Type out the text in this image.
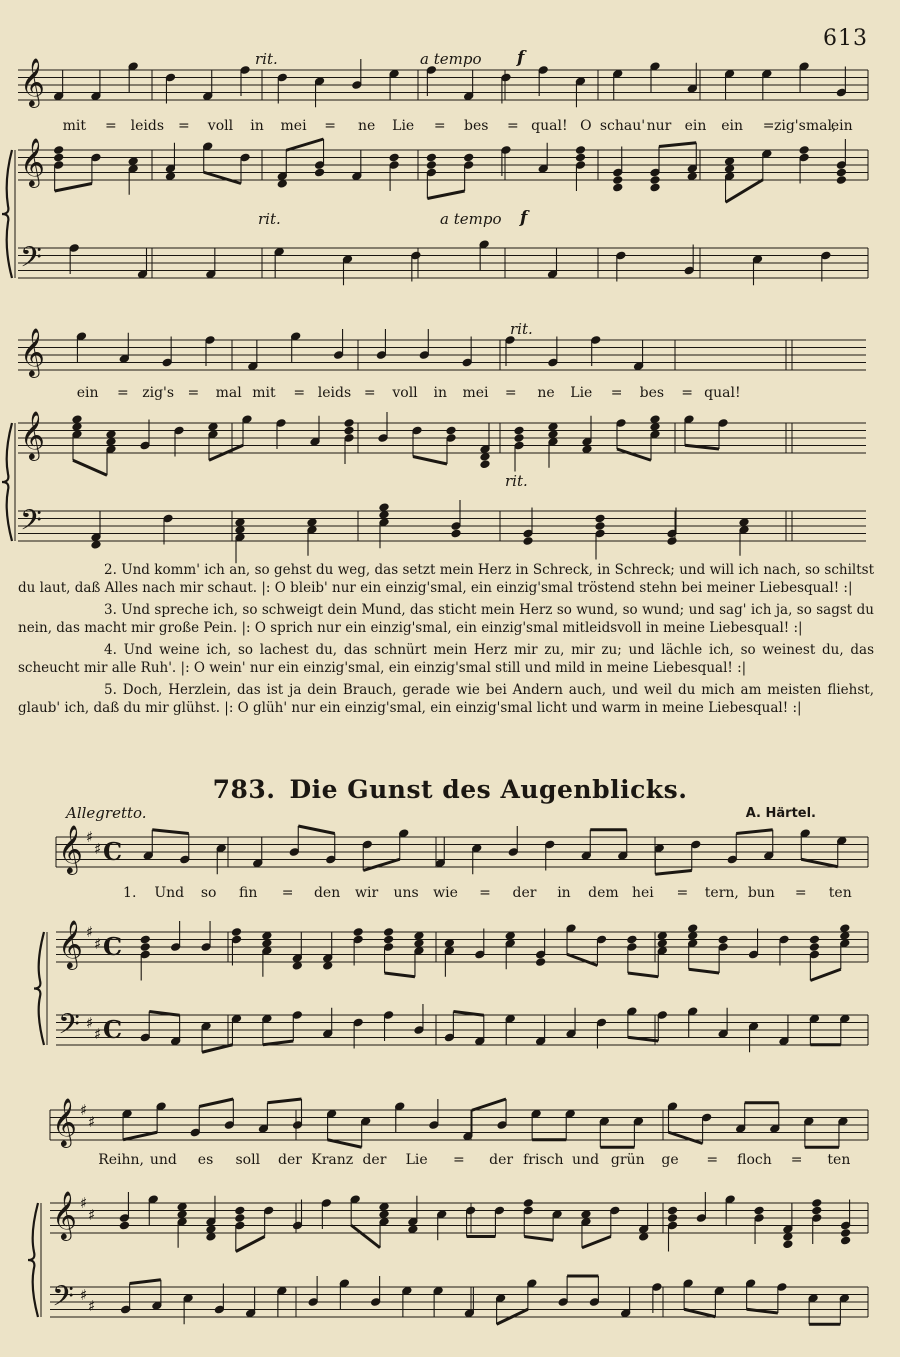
613
𝄞
𝄞
𝄢
𝄞
𝄞
𝄢
𝄞 ♯
♯ C
𝄞 ♯
♯ C
𝄢 ♯
♯ C
𝄞 ♯
♯
𝄞 ♯
♯
𝄢 ♯
♯
rit.	a tempo f
rit.	a tempo f
mit = leids = voll in mei = ne Lie = bes = qual! O schau' nur ein ein = zig'smal,
ein
rit.
rit.
ein = zig's = mal mit = leids = voll in mei = ne Lie = bes = qual!

2. Und komm' ich an, so gehst du weg, das setzt mein Herz in Schreck, in Schreck; und will ich nach, so schiltst du laut, daß Alles nach mir schaut. |: O bleib' nur ein einzig'smal, ein einzig'smal tröstend stehn bei meiner Liebesqual! :|

3. Und spreche ich, so schweigt dein Mund, das sticht mein Herz so wund, so wund; und sag' ich ja, so sagst du nein, das macht mir große Pein. |: O sprich nur ein einzig'smal, ein einzig'smal mitleidsvoll in meine Liebesqual! :|

4. Und weine ich, so lachest du, das schnürt mein Herz mir zu, mir zu; und lächle ich, so weinest du, das scheucht mir alle Ruh'. |: O wein' nur ein einzig'smal, ein einzig'smal still und mild in meine Liebesqual! :|

5. Doch, Herzlein, das ist ja dein Brauch, gerade wie bei Andern auch, und weil du mich am meisten fliehst, glaub' ich, daß du mir glühst. |: O glüh' nur ein einzig'smal, ein einzig'smal licht und warm in meine Liebesqual! :|

783. Die Gunst des Augenblicks.
Allegretto.	A. Härtel.
1. Und so fin = den wir uns wie = der in dem hei = tern, bun = ten
Reihn, und es soll der Kranz der Lie = der frisch und grün ge = floch = ten
